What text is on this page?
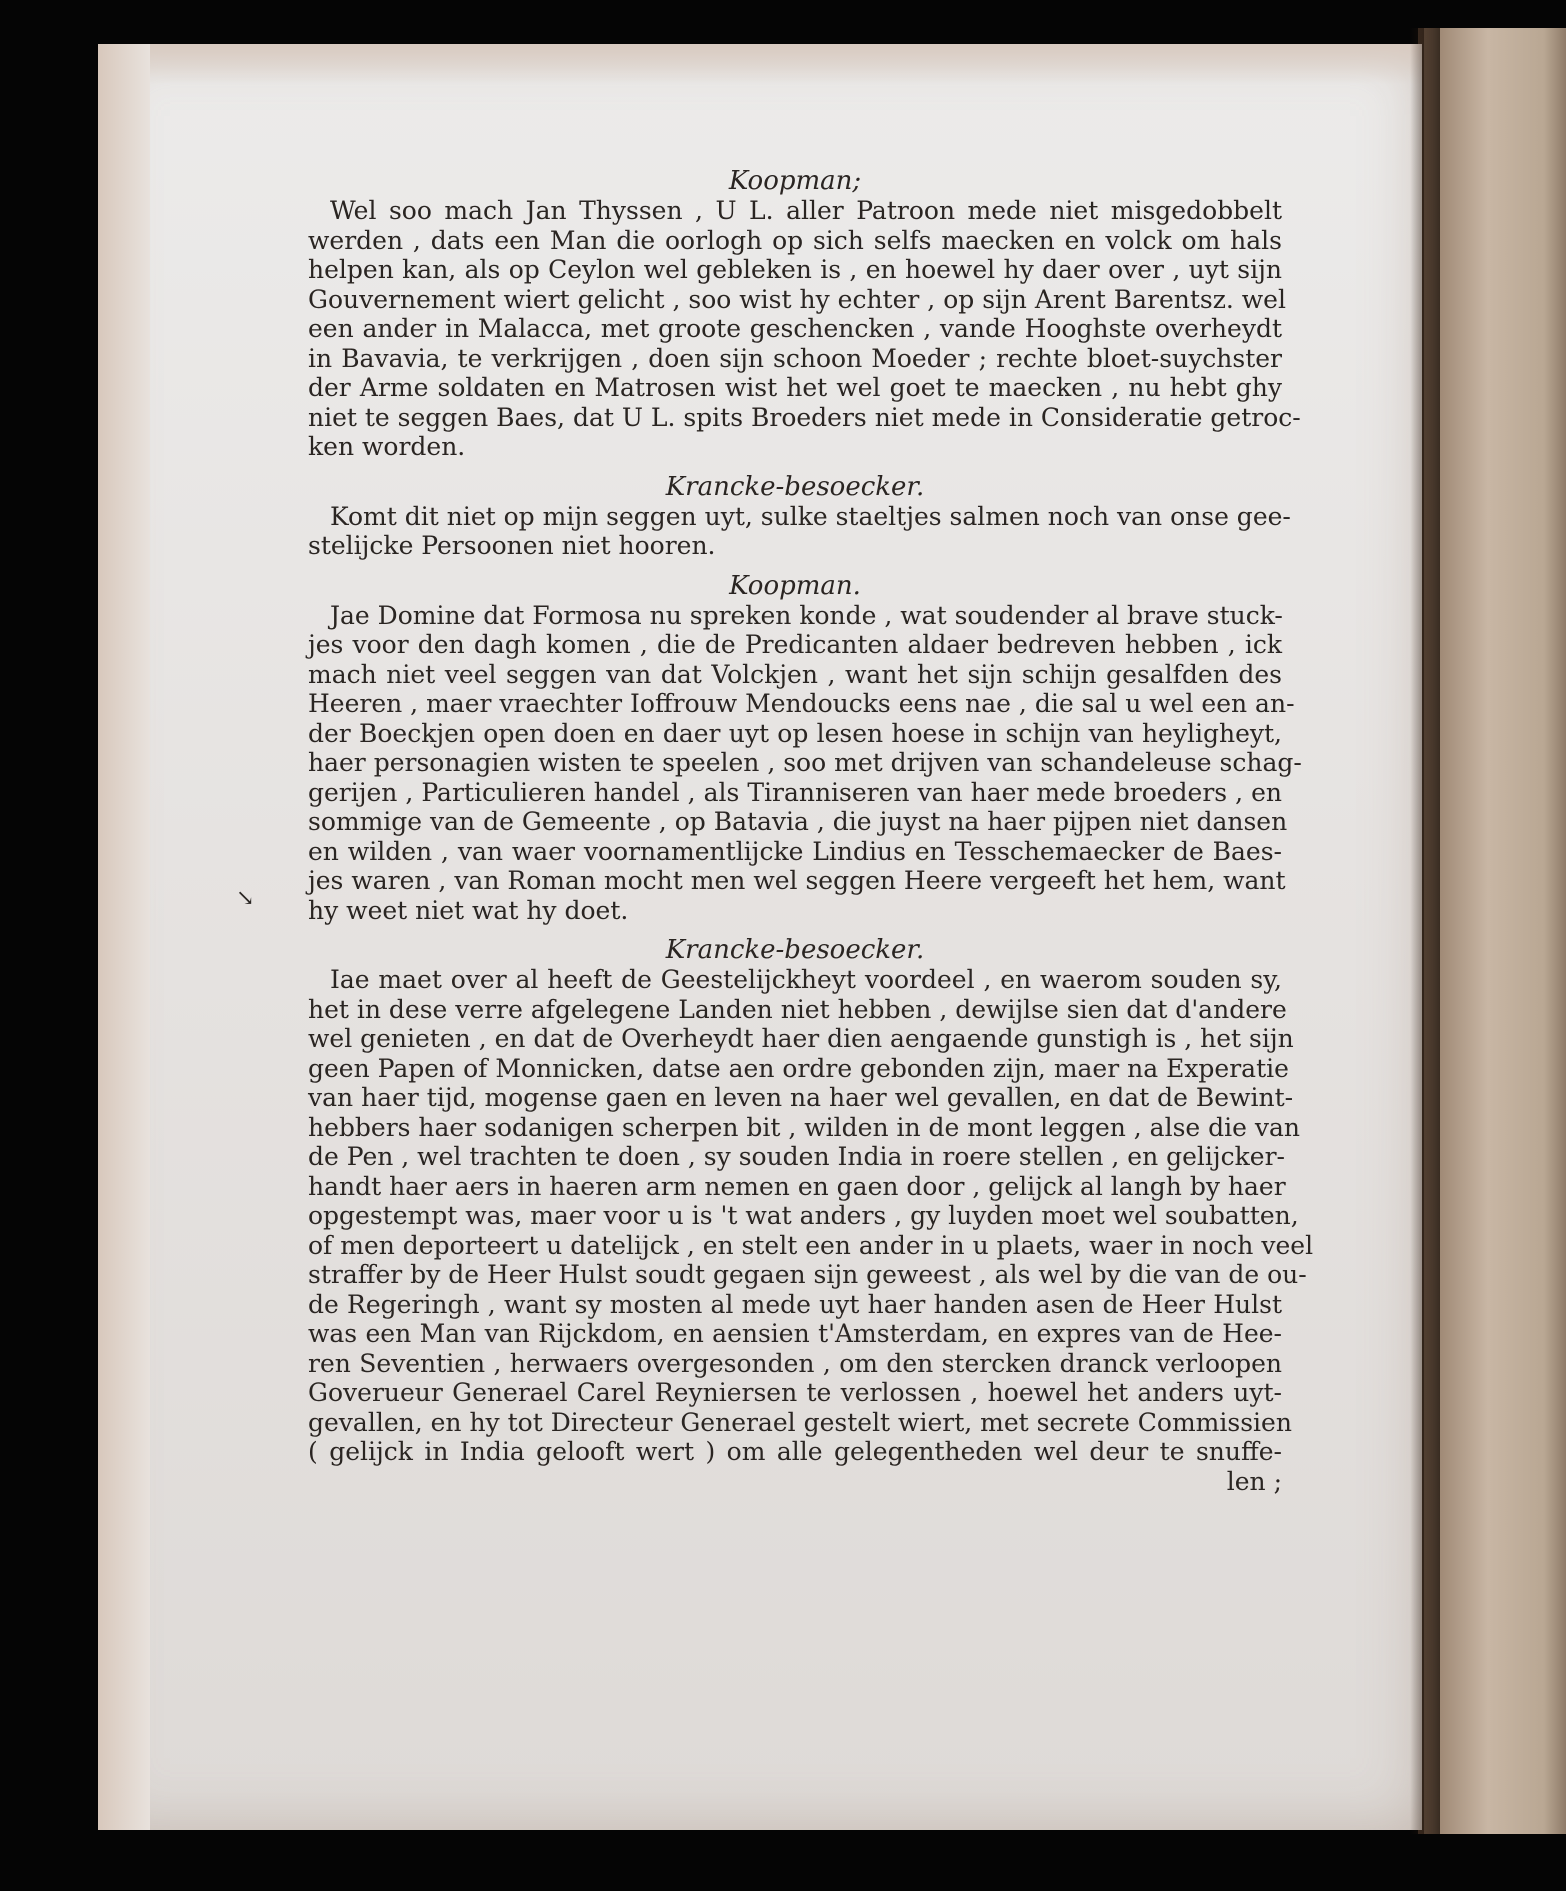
↘

Koopman;

Wel soo mach Jan Thyssen , U L. aller Patroon mede niet misgedobbelt
werden , dats een Man die oorlogh op sich selfs maecken en volck om hals
helpen kan, als op Ceylon wel gebleken is , en hoewel hy daer over , uyt sijn
Gouvernement wiert gelicht , soo wist hy echter , op sijn Arent Barentsz. wel
een ander in Malacca, met groote geschencken , vande Hooghste overheydt
in Bavavia, te verkrijgen , doen sijn schoon Moeder ; rechte bloet-suychster
der Arme soldaten en Matrosen wist het wel goet te maecken , nu hebt ghy
niet te seggen Baes, dat U L. spits Broeders niet mede in Consideratie getroc-
ken worden.

Krancke-besoecker.

Komt dit niet op mijn seggen uyt, sulke staeltjes salmen noch van onse gee-
stelijcke Persoonen niet hooren.

Koopman.

Jae Domine dat Formosa nu spreken konde , wat soudender al brave stuck-
jes voor den dagh komen , die de Predicanten aldaer bedreven hebben , ick
mach niet veel seggen van dat Volckjen , want het sijn schijn gesalfden des
Heeren , maer vraechter Ioffrouw Mendoucks eens nae , die sal u wel een an-
der Boeckjen open doen en daer uyt op lesen hoese in schijn van heyligheyt,
haer personagien wisten te speelen , soo met drijven van schandeleuse schag-
gerijen , Particulieren handel , als Tiranniseren van haer mede broeders , en
sommige van de Gemeente , op Batavia , die juyst na haer pijpen niet dansen
en wilden , van waer voornamentlijcke Lindius en Tesschemaecker de Baes-
jes waren , van Roman mocht men wel seggen Heere vergeeft het hem, want
hy weet niet wat hy doet.

Krancke-besoecker.

Iae maet over al heeft de Geestelijckheyt voordeel , en waerom souden sy,
het in dese verre afgelegene Landen niet hebben , dewijlse sien dat d'andere
wel genieten , en dat de Overheydt haer dien aengaende gunstigh is , het sijn
geen Papen of Monnicken, datse aen ordre gebonden zijn, maer na Experatie
van haer tijd, mogense gaen en leven na haer wel gevallen, en dat de Bewint-
hebbers haer sodanigen scherpen bit , wilden in de mont leggen , alse die van
de Pen , wel trachten te doen , sy souden India in roere stellen , en gelijcker-
handt haer aers in haeren arm nemen en gaen door , gelijck al langh by haer
opgestempt was, maer voor u is 't wat anders , gy luyden moet wel soubatten,
of men deporteert u datelijck , en stelt een ander in u plaets, waer in noch veel
straffer by de Heer Hulst soudt gegaen sijn geweest , als wel by die van de ou-
de Regeringh , want sy mosten al mede uyt haer handen asen de Heer Hulst
was een Man van Rijckdom, en aensien t'Amsterdam, en expres van de Hee-
ren Seventien , herwaers overgesonden , om den stercken dranck verloopen
Goverueur Generael Carel Reyniersen te verlossen , hoewel het anders uyt-
gevallen, en hy tot Directeur Generael gestelt wiert, met secrete Commissien
( gelijck in India gelooft wert ) om alle gelegentheden wel deur te snuffe-
len ;
